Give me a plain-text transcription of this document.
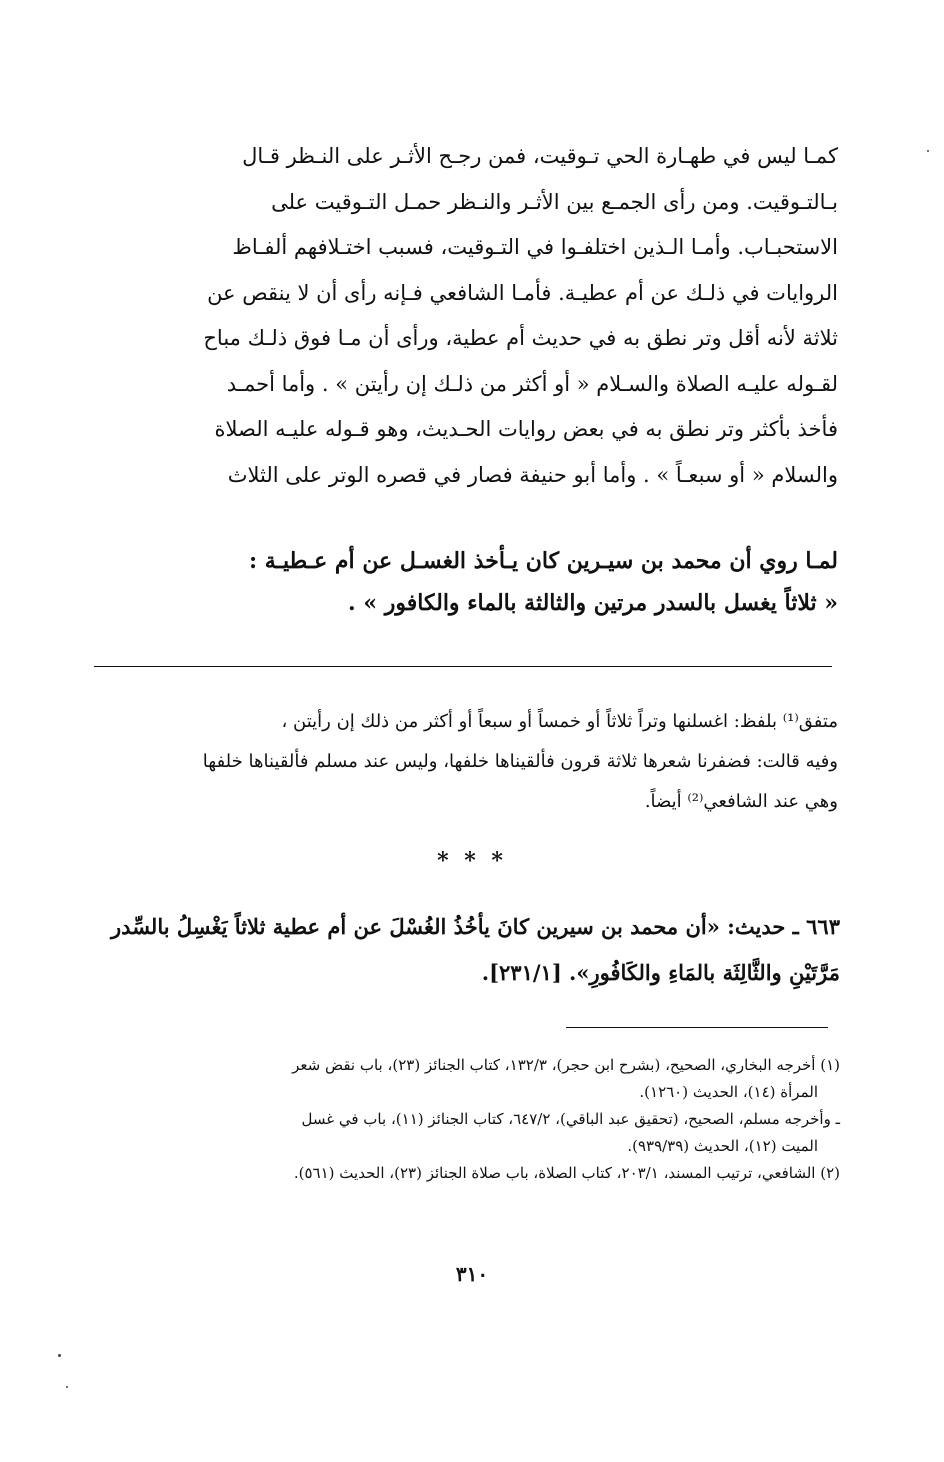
كمـا ليس في طهـارة الحي تـوقيت، فمن رجـح الأثـر على النـظر قـال

بـالتـوقيت. ومن رأى الجمـع بين الأثـر والنـظر حمـل التـوقيت على

الاستحبـاب. وأمـا الـذين اختلفـوا في التـوقيت، فسبب اختـلافهم ألفـاظ

الروايات في ذلـك عن أم عطيـة. فأمـا الشافعي فـإنه رأى أن لا ينقص عن

ثلاثة لأنه أقل وتر نطق به في حديث أم عطية، ورأى أن مـا فوق ذلـك مباح

لقـوله عليـه الصلاة والسـلام « أو أكثر من ذلـك إن رأيتن » . وأما أحمـد

فأخذ بأكثر وتر نطق به في بعض روايات الحـديث، وهو قـوله عليـه الصلاة

والسلام « أو سبعـاً » . وأما أبو حنيفة فصار في قصره الوتر على الثلاث

لمـا روي أن محمد بن سيـرين كان يـأخذ الغسـل عن أم عـطيـة :

« ثلاثاً يغسل بالسدر مرتين والثالثة بالماء والكافور » .

متفق⁽¹⁾ بلفظ: اغسلنها وتراً ثلاثاً أو خمساً أو سبعاً أو أكثر من ذلك إن رأيتن ،

وفيه قالت: فضفرنا شعرها ثلاثة قرون فألقيناها خلفها، وليس عند مسلم فألقيناها خلفها

وهي عند الشافعي⁽²⁾ أيضاً.

* * *

٦٦٣ ـ حديث: «أن محمد بن سيرين كانَ يأخُذُ الغُسْلَ عن أم عطية ثلاثاً يَغْسِلُ بالسِّدر

مَرَّتَيْنِ والثَّالِثَة بالمَاءِ والكَافُورِ». [٢٣١/١].

(١) أخرجه البخاري، الصحيح، (بشرح ابن حجر)، ١٣٢/٣، كتاب الجنائز (٢٣)، باب نقض شعر

المرأة (١٤)، الحديث (١٢٦٠).

ـ وأخرجه مسلم، الصحيح، (تحقيق عبد الباقي)، ٦٤٧/٢، كتاب الجنائز (١١)، باب في غسل

الميت (١٢)، الحديث (٩٣٩/٣٩).

(٢) الشافعي، ترتيب المسند، ٢٠٣/١، كتاب الصلاة، باب صلاة الجنائز (٢٣)، الحديث (٥٦١).

٣١٠
